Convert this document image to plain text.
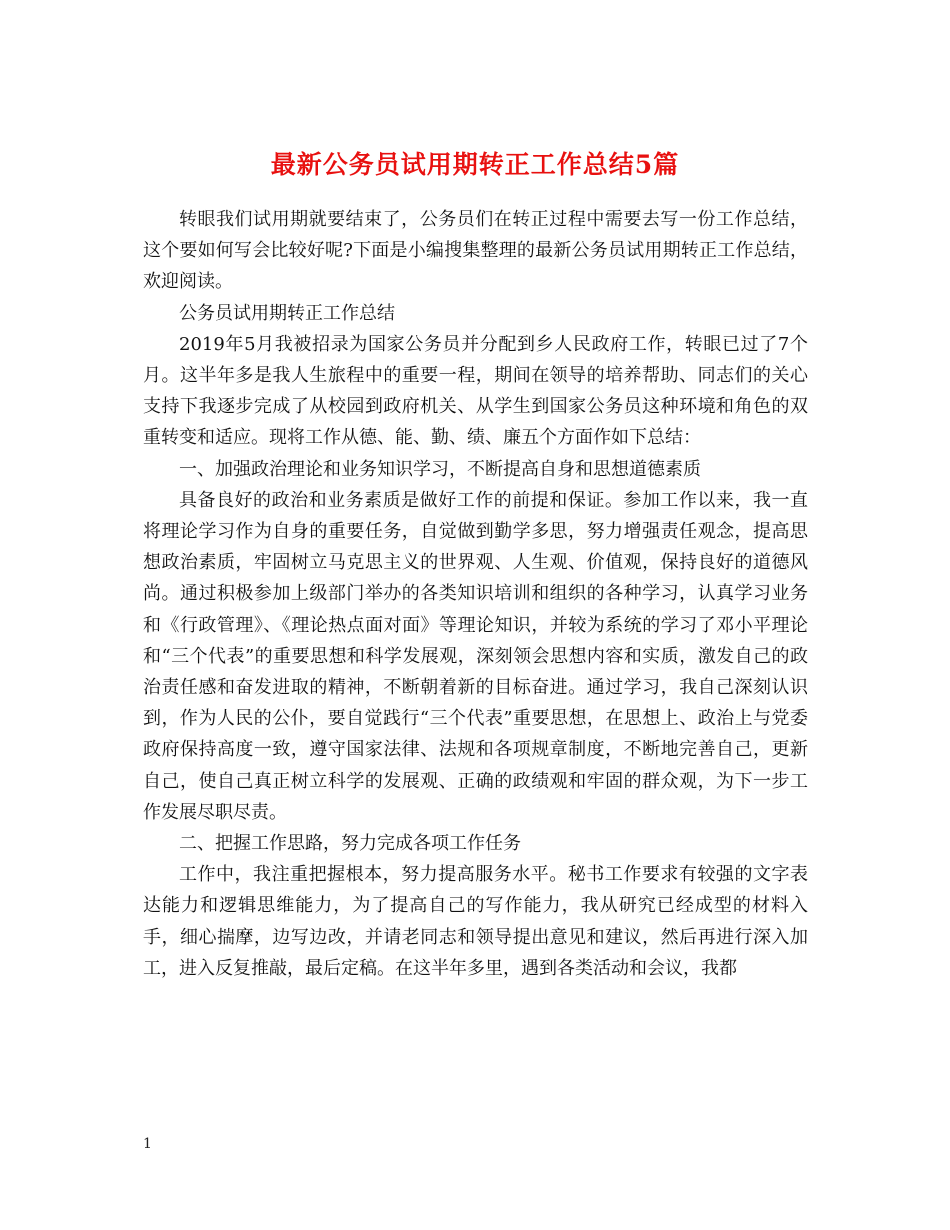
最新公务员试用期转正工作总结5篇

转眼我们试用期就要结束了，公务员们在转正过程中需要去写一份工作总结，这个要如何写会比较好呢?下面是小编搜集整理的最新公务员试用期转正工作总结，欢迎阅读。

公务员试用期转正工作总结

2019年5月我被招录为国家公务员并分配到乡人民政府工作，转眼已过了7个月。这半年多是我人生旅程中的重要一程，期间在领导的培养帮助、同志们的关心支持下我逐步完成了从校园到政府机关、从学生到国家公务员这种环境和角色的双重转变和适应。现将工作从德、能、勤、绩、廉五个方面作如下总结：

一、加强政治理论和业务知识学习，不断提高自身和思想道德素质

具备良好的政治和业务素质是做好工作的前提和保证。参加工作以来，我一直将理论学习作为自身的重要任务，自觉做到勤学多思，努力增强责任观念，提高思想政治素质，牢固树立马克思主义的世界观、人生观、价值观，保持良好的道德风尚。通过积极参加上级部门举办的各类知识培训和组织的各种学习，认真学习业务和《行政管理》、《理论热点面对面》等理论知识，并较为系统的学习了邓小平理论和“三个代表”的重要思想和科学发展观，深刻领会思想内容和实质，激发自己的政治责任感和奋发进取的精神，不断朝着新的目标奋进。通过学习，我自己深刻认识到，作为人民的公仆，要自觉践行“三个代表”重要思想，在思想上、政治上与党委政府保持高度一致，遵守国家法律、法规和各项规章制度，不断地完善自己，更新自己，使自己真正树立科学的发展观、正确的政绩观和牢固的群众观，为下一步工作发展尽职尽责。

二、把握工作思路，努力完成各项工作任务

工作中，我注重把握根本，努力提高服务水平。秘书工作要求有较强的文字表达能力和逻辑思维能力，为了提高自己的写作能力，我从研究已经成型的材料入手，细心揣摩，边写边改，并请老同志和领导提出意见和建议，然后再进行深入加工，进入反复推敲，最后定稿。在这半年多里，遇到各类活动和会议，我都

1
